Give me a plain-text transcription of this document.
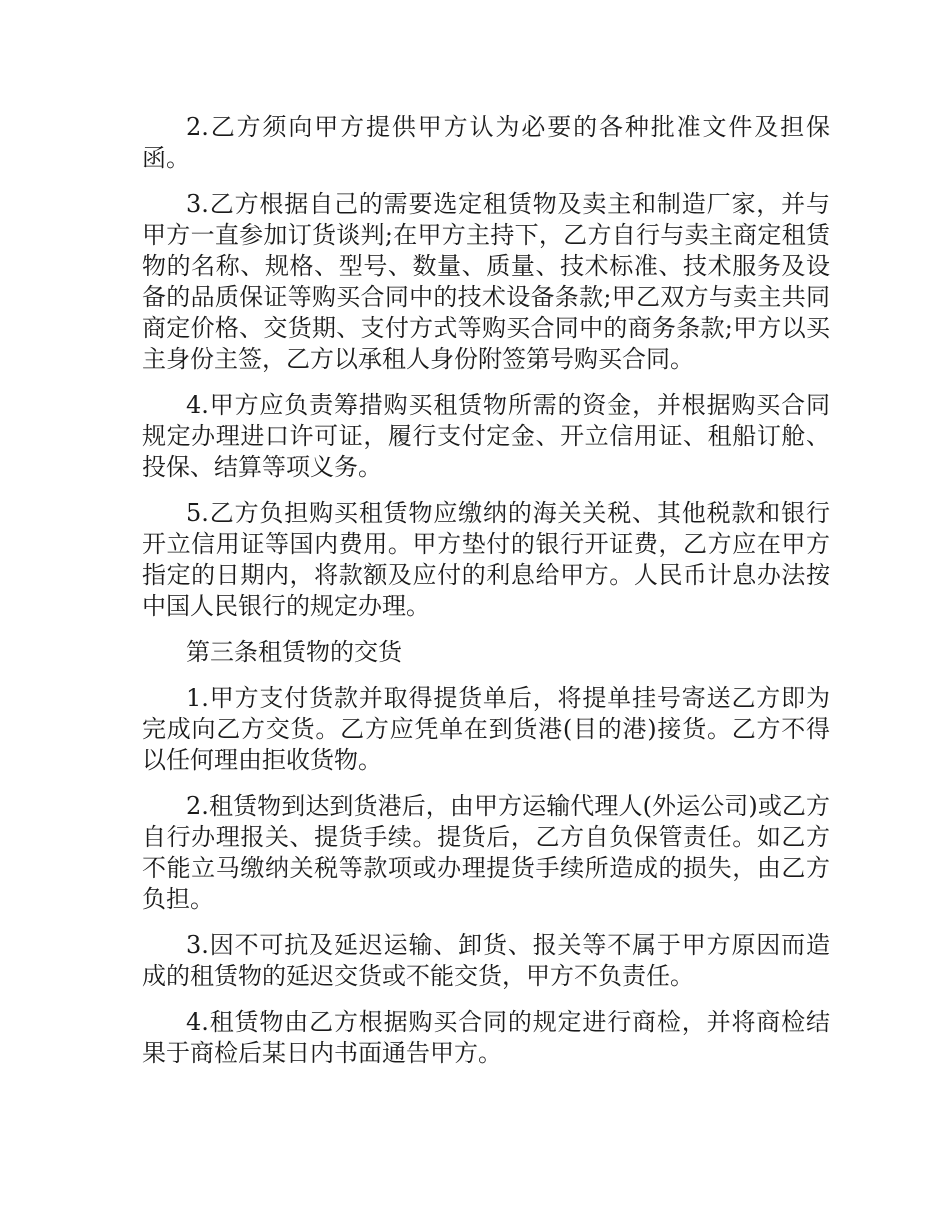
2.乙方须向甲方提供甲方认为必要的各种批准文件及担保函。

3.乙方根据自己的需要选定租赁物及卖主和制造厂家，并与甲方一直参加订货谈判;在甲方主持下，乙方自行与卖主商定租赁物的名称、规格、型号、数量、质量、技术标准、技术服务及设备的品质保证等购买合同中的技术设备条款;甲乙双方与卖主共同商定价格、交货期、支付方式等购买合同中的商务条款;甲方以买主身份主签，乙方以承租人身份附签第号购买合同。

4.甲方应负责筹措购买租赁物所需的资金，并根据购买合同规定办理进口许可证，履行支付定金、开立信用证、租船订舱、投保、结算等项义务。

5.乙方负担购买租赁物应缴纳的海关关税、其他税款和银行开立信用证等国内费用。甲方垫付的银行开证费，乙方应在甲方指定的日期内，将款额及应付的利息给甲方。人民币计息办法按中国人民银行的规定办理。

第三条租赁物的交货

1.甲方支付货款并取得提货单后，将提单挂号寄送乙方即为完成向乙方交货。乙方应凭单在到货港(目的港)接货。乙方不得以任何理由拒收货物。

2.租赁物到达到货港后，由甲方运输代理人(外运公司)或乙方自行办理报关、提货手续。提货后，乙方自负保管责任。如乙方不能立马缴纳关税等款项或办理提货手续所造成的损失，由乙方负担。

3.因不可抗及延迟运输、卸货、报关等不属于甲方原因而造成的租赁物的延迟交货或不能交货，甲方不负责任。

4.租赁物由乙方根据购买合同的规定进行商检，并将商检结果于商检后某日内书面通告甲方。
